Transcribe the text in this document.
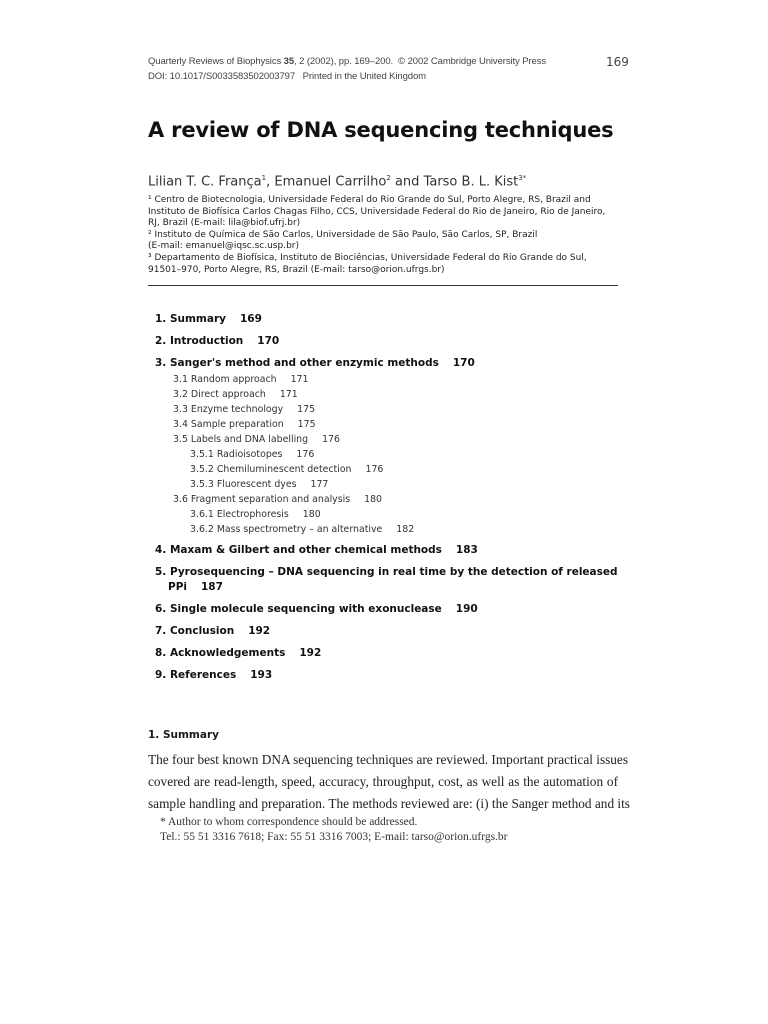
Quarterly Reviews of Biophysics 35, 2 (2002), pp. 169–200. © 2002 Cambridge University Press
DOI: 10.1017/S0033583502003797 Printed in the United Kingdom
169
A review of DNA sequencing techniques
Lilian T. C. França$^1$, Emanuel Carrilho$^2$ and Tarso B. L. Kist$^{3*}$
¹ Centro de Biotecnologia, Universidade Federal do Rio Grande do Sul, Porto Alegre, RS, Brazil and
Instituto de Biofísica Carlos Chagas Filho, CCS, Universidade Federal do Rio de Janeiro, Rio de Janeiro,
RJ, Brazil (E-mail: lila@biof.ufrj.br)
² Instituto de Química de São Carlos, Universidade de São Paulo, São Carlos, SP, Brazil
(E-mail: emanuel@iqsc.sc.usp.br)
³ Departamento de Biofísica, Instituto de Biociências, Universidade Federal do Rio Grande do Sul,
91501–970, Porto Alegre, RS, Brazil (E-mail: tarso@orion.ufrgs.br)
1. Summary 169
2. Introduction 170
3. Sanger's method and other enzymic methods 170
3.1 Random approach 171
3.2 Direct approach 171
3.3 Enzyme technology 175
3.4 Sample preparation 175
3.5 Labels and DNA labelling 176
3.5.1 Radioisotopes 176
3.5.2 Chemiluminescent detection 176
3.5.3 Fluorescent dyes 177
3.6 Fragment separation and analysis 180
3.6.1 Electrophoresis 180
3.6.2 Mass spectrometry – an alternative 182
4. Maxam & Gilbert and other chemical methods 183
5. Pyrosequencing – DNA sequencing in real time by the detection of released
PPi 187
6. Single molecule sequencing with exonuclease 190
7. Conclusion 192
8. Acknowledgements 192
9. References 193
1. Summary
The four best known DNA sequencing techniques are reviewed. Important practical issues
covered are read-length, speed, accuracy, throughput, cost, as well as the automation of
sample handling and preparation. The methods reviewed are: (i) the Sanger method and its
* Author to whom correspondence should be addressed.
Tel.: 55 51 3316 7618; Fax: 55 51 3316 7003; E-mail: tarso@orion.ufrgs.br
